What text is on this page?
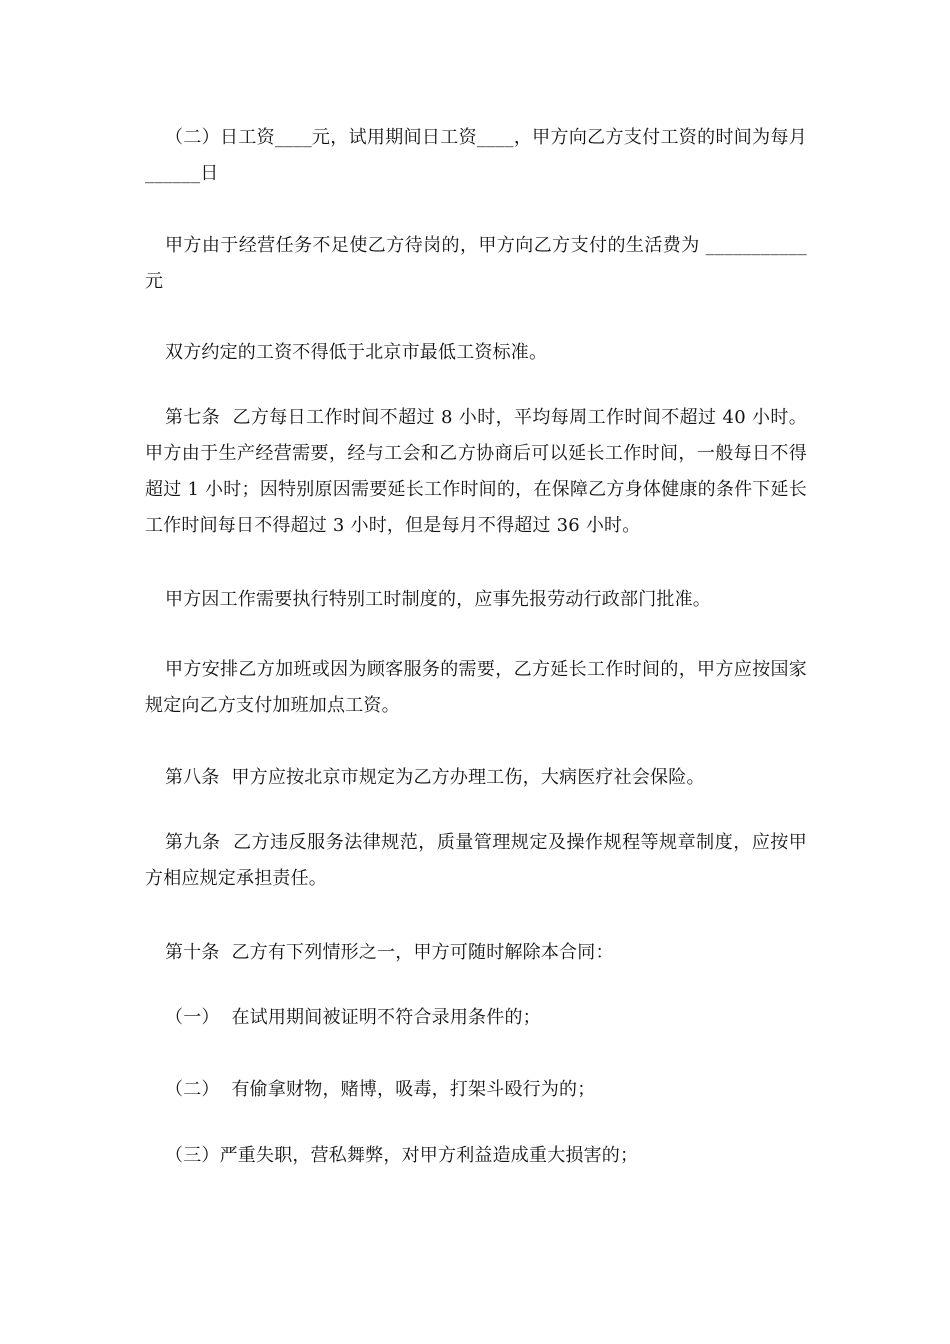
（二）日工资____元，试用期间日工资____，甲方向乙方支付工资的时间为每月______日

甲方由于经营任务不足使乙方待岗的，甲方向乙方支付的生活费为 ___________元

双方约定的工资不得低于北京市最低工资标准。

第七条  乙方每日工作时间不超过 8 小时，平均每周工作时间不超过 40 小时。甲方由于生产经营需要，经与工会和乙方协商后可以延长工作时间，一般每日不得超过 1 小时；因特别原因需要延长工作时间的，在保障乙方身体健康的条件下延长工作时间每日不得超过 3 小时，但是每月不得超过 36 小时。

甲方因工作需要执行特别工时制度的，应事先报劳动行政部门批准。

甲方安排乙方加班或因为顾客服务的需要，乙方延长工作时间的，甲方应按国家规定向乙方支付加班加点工资。

第八条  甲方应按北京市规定为乙方办理工伤，大病医疗社会保险。

第九条  乙方违反服务法律规范，质量管理规定及操作规程等规章制度，应按甲方相应规定承担责任。

第十条  乙方有下列情形之一，甲方可随时解除本合同：

（一）  在试用期间被证明不符合录用条件的；

（二）  有偷拿财物，赌博，吸毒，打架斗殴行为的；

（三）严重失职，营私舞弊，对甲方利益造成重大损害的；
